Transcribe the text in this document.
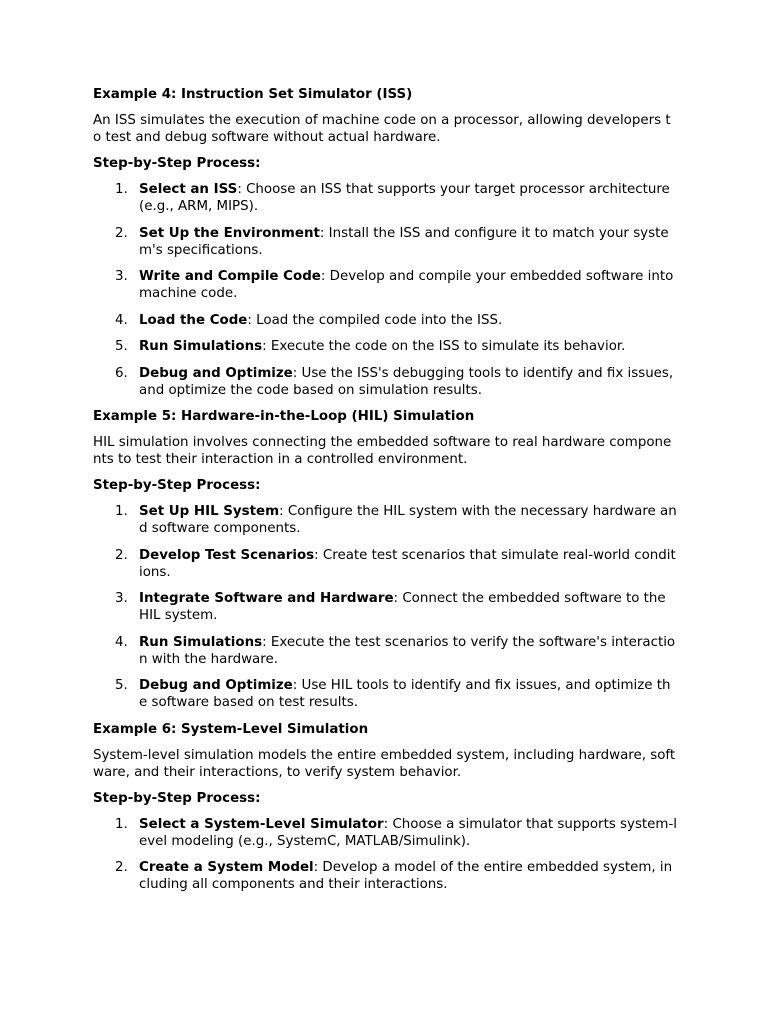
Example 4: Instruction Set Simulator (ISS)
An ISS simulates the execution of machine code on a processor, allowing developers to test and debug software without actual hardware.
Step-by-Step Process:
1. Select an ISS: Choose an ISS that supports your target processor architecture (e.g., ARM, MIPS).
2. Set Up the Environment: Install the ISS and configure it to match your system's specifications.
3. Write and Compile Code: Develop and compile your embedded software into machine code.
4. Load the Code: Load the compiled code into the ISS.
5. Run Simulations: Execute the code on the ISS to simulate its behavior.
6. Debug and Optimize: Use the ISS's debugging tools to identify and fix issues, and optimize the code based on simulation results.
Example 5: Hardware-in-the-Loop (HIL) Simulation
HIL simulation involves connecting the embedded software to real hardware components to test their interaction in a controlled environment.
Step-by-Step Process:
1. Set Up HIL System: Configure the HIL system with the necessary hardware and software components.
2. Develop Test Scenarios: Create test scenarios that simulate real-world conditions.
3. Integrate Software and Hardware: Connect the embedded software to the HIL system.
4. Run Simulations: Execute the test scenarios to verify the software's interaction with the hardware.
5. Debug and Optimize: Use HIL tools to identify and fix issues, and optimize the software based on test results.
Example 6: System-Level Simulation
System-level simulation models the entire embedded system, including hardware, software, and their interactions, to verify system behavior.
Step-by-Step Process:
1. Select a System-Level Simulator: Choose a simulator that supports system-level modeling (e.g., SystemC, MATLAB/Simulink).
2. Create a System Model: Develop a model of the entire embedded system, including all components and their interactions.
